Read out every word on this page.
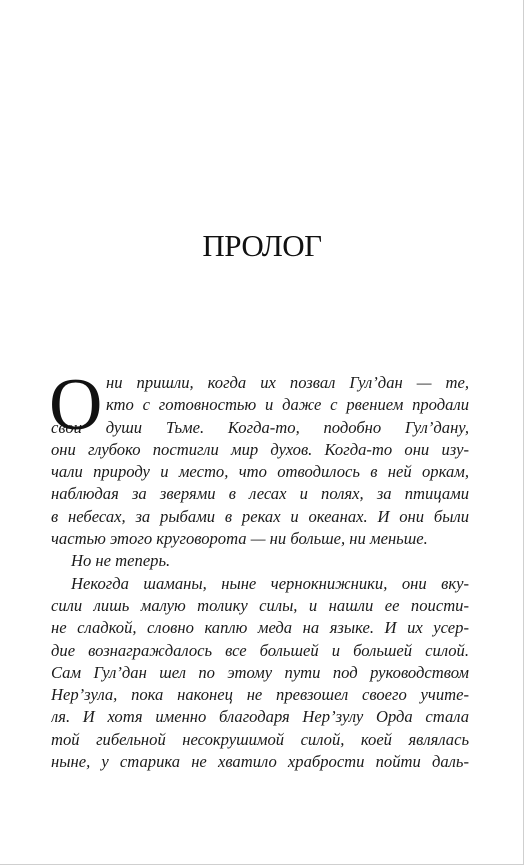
ПРОЛОГ
О ни пришли, когда их позвал Гул’дан — те,
кто с готовностью и даже с рвением продали
свои души Тьме. Когда-то, подобно Гул’дану,
они глубоко постигли мир духов. Когда-то они изу-
чали природу и место, что отводилось в ней оркам,
наблюдая за зверями в лесах и полях, за птицами
в небесах, за рыбами в реках и океанах. И они были
частью этого круговорота — ни больше, ни меньше.
Но не теперь.
Некогда шаманы, ныне чернокнижники, они вку-
сили лишь малую толику силы, и нашли ее поисти-
не сладкой, словно каплю меда на языке. И их усер-
дие вознаграждалось все большей и большей силой.
Сам Гул’дан шел по этому пути под руководством
Нер’зула, пока наконец не превзошел своего учите-
ля. И хотя именно благодаря Нер’зулу Орда стала
той гибельной несокрушимой силой, коей являлась
ныне, у старика не хватило храбрости пойти даль-
